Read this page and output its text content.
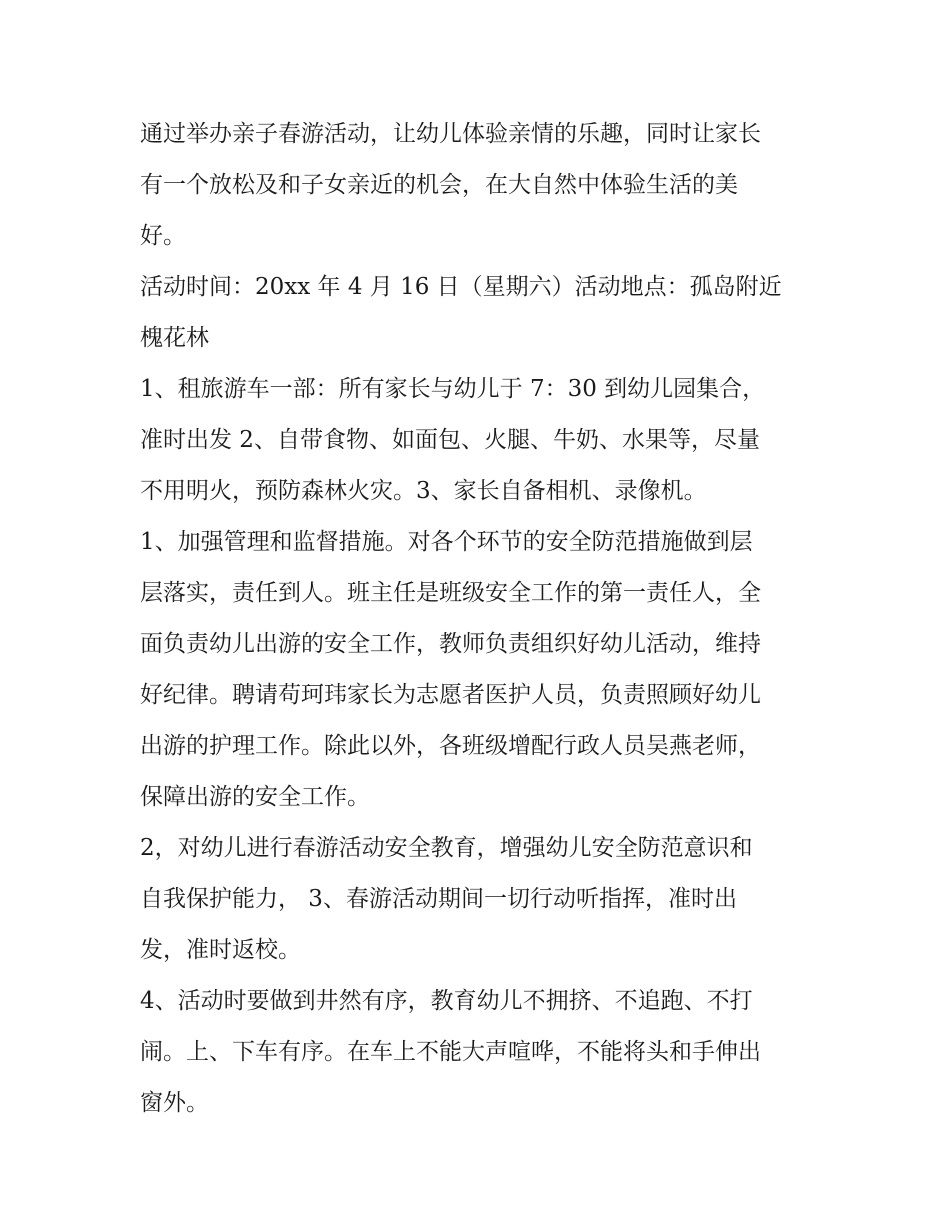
通过举办亲子春游活动，让幼儿体验亲情的乐趣，同时让家长
有一个放松及和子女亲近的机会，在大自然中体验生活的美
好。
活动时间：20xx 年 4 月 16 日（星期六）活动地点：孤岛附近
槐花林
1、租旅游车一部：所有家长与幼儿于 7：30 到幼儿园集合，
准时出发 2、自带食物、如面包、火腿、牛奶、水果等，尽量
不用明火，预防森林火灾。3、家长自备相机、录像机。
1、加强管理和监督措施。对各个环节的安全防范措施做到层
层落实，责任到人。班主任是班级安全工作的第一责任人，全
面负责幼儿出游的安全工作，教师负责组织好幼儿活动，维持
好纪律。聘请苟珂玮家长为志愿者医护人员，负责照顾好幼儿
出游的护理工作。除此以外，各班级增配行政人员吴燕老师，
保障出游的安全工作。
2，对幼儿进行春游活动安全教育，增强幼儿安全防范意识和
自我保护能力， 3、春游活动期间一切行动听指挥，准时出
发，准时返校。
4、活动时要做到井然有序，教育幼儿不拥挤、不追跑、不打
闹。上、下车有序。在车上不能大声喧哗，不能将头和手伸出
窗外。
